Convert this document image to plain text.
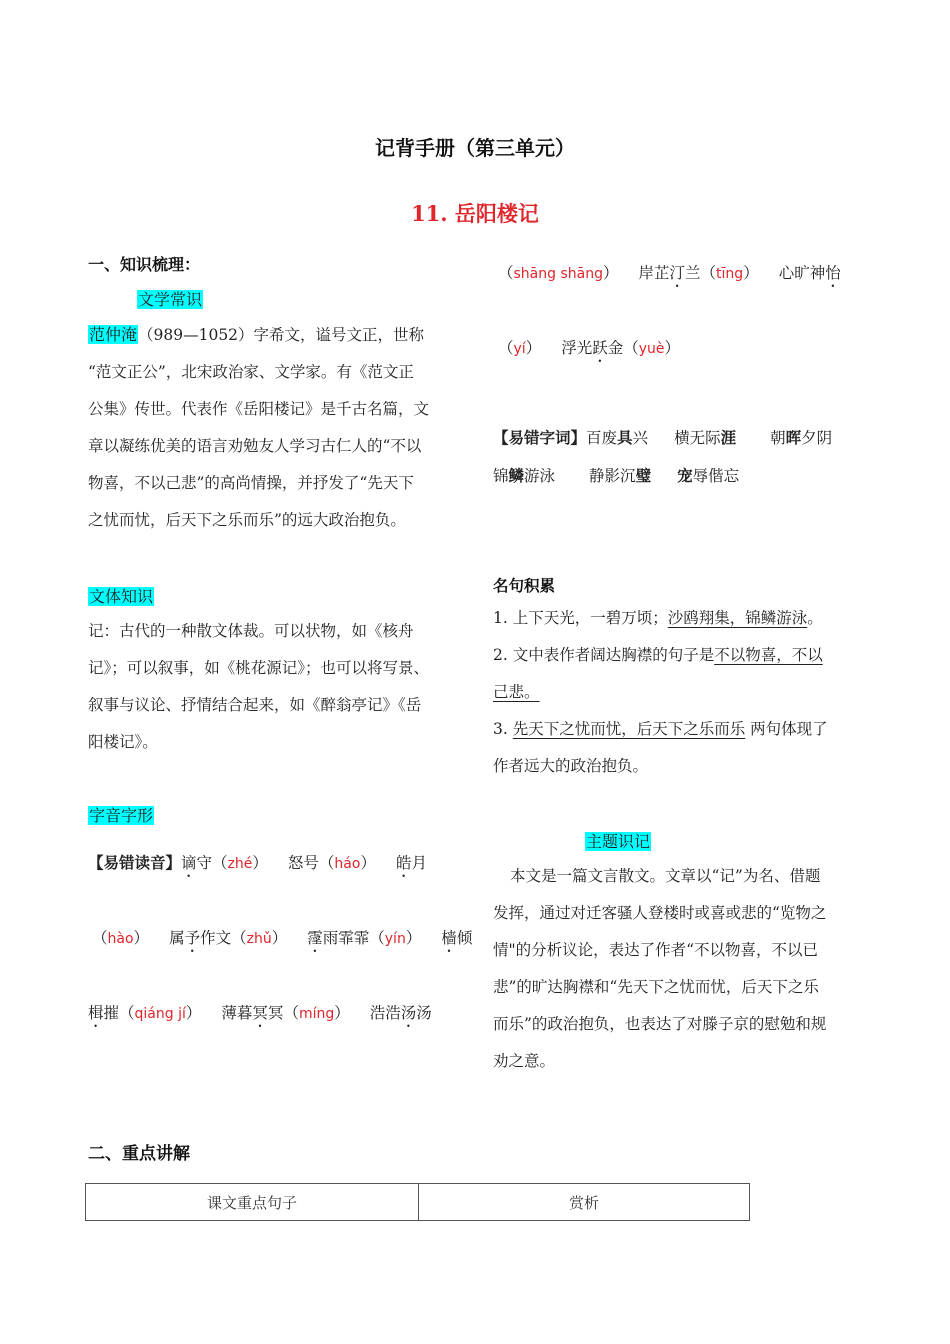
记背手册（第三单元）
11. 岳阳楼记
一、知识梳理：
文学常识
范仲淹（989—1052）字希文，谥号文正，世称
“范文正公”，北宋政治家、文学家。有《范文正
公集》传世。代表作《岳阳楼记》是千古名篇，文
章以凝练优美的语言劝勉友人学习古仁人的“不以
物喜，不以己悲”的高尚情操，并抒发了“先天下
之忧而忧，后天下之乐而乐”的远大政治抱负。
文体知识
记：古代的一种散文体裁。可以状物，如《核舟
记》；可以叙事，如《桃花源记》；也可以将写景、
叙事与议论、抒情结合起来，如《醉翁亭记》《岳
阳楼记》。
字音字形
【易错读音】谪守（zhé） 怒号（háo） 皓月
（hào） 属予作文（zhǔ） 霪雨霏霏（yín） 樯倾
楫摧（qiáng jí） 薄暮冥冥（míng） 浩浩汤汤
（shāng shāng） 岸芷汀兰（tīng） 心旷神怡
（yí） 浮光跃金（yuè）
【易错字词】百废具兴 横无际涯 朝晖夕阴
锦鳞游泳 静影沉璧 宠辱偕忘
名句积累
1. 上下天光，一碧万顷；沙鸥翔集，锦鳞游泳。
2. 文中表作者阔达胸襟的句子是不以物喜，不以
己悲。
3. 先天下之忧而忧，后天下之乐而乐 两句体现了
作者远大的政治抱负。
主题识记
本文是一篇文言散文。文章以“记”为名、借题
发挥，通过对迁客骚人登楼时或喜或悲的“览物之
情"的分析议论，表达了作者“不以物喜，不以已
悲”的旷达胸襟和“先天下之忧而忧，后天下之乐
而乐”的政治抱负，也表达了对滕子京的慰勉和规
劝之意。
二、重点讲解
课文重点句子	赏析
